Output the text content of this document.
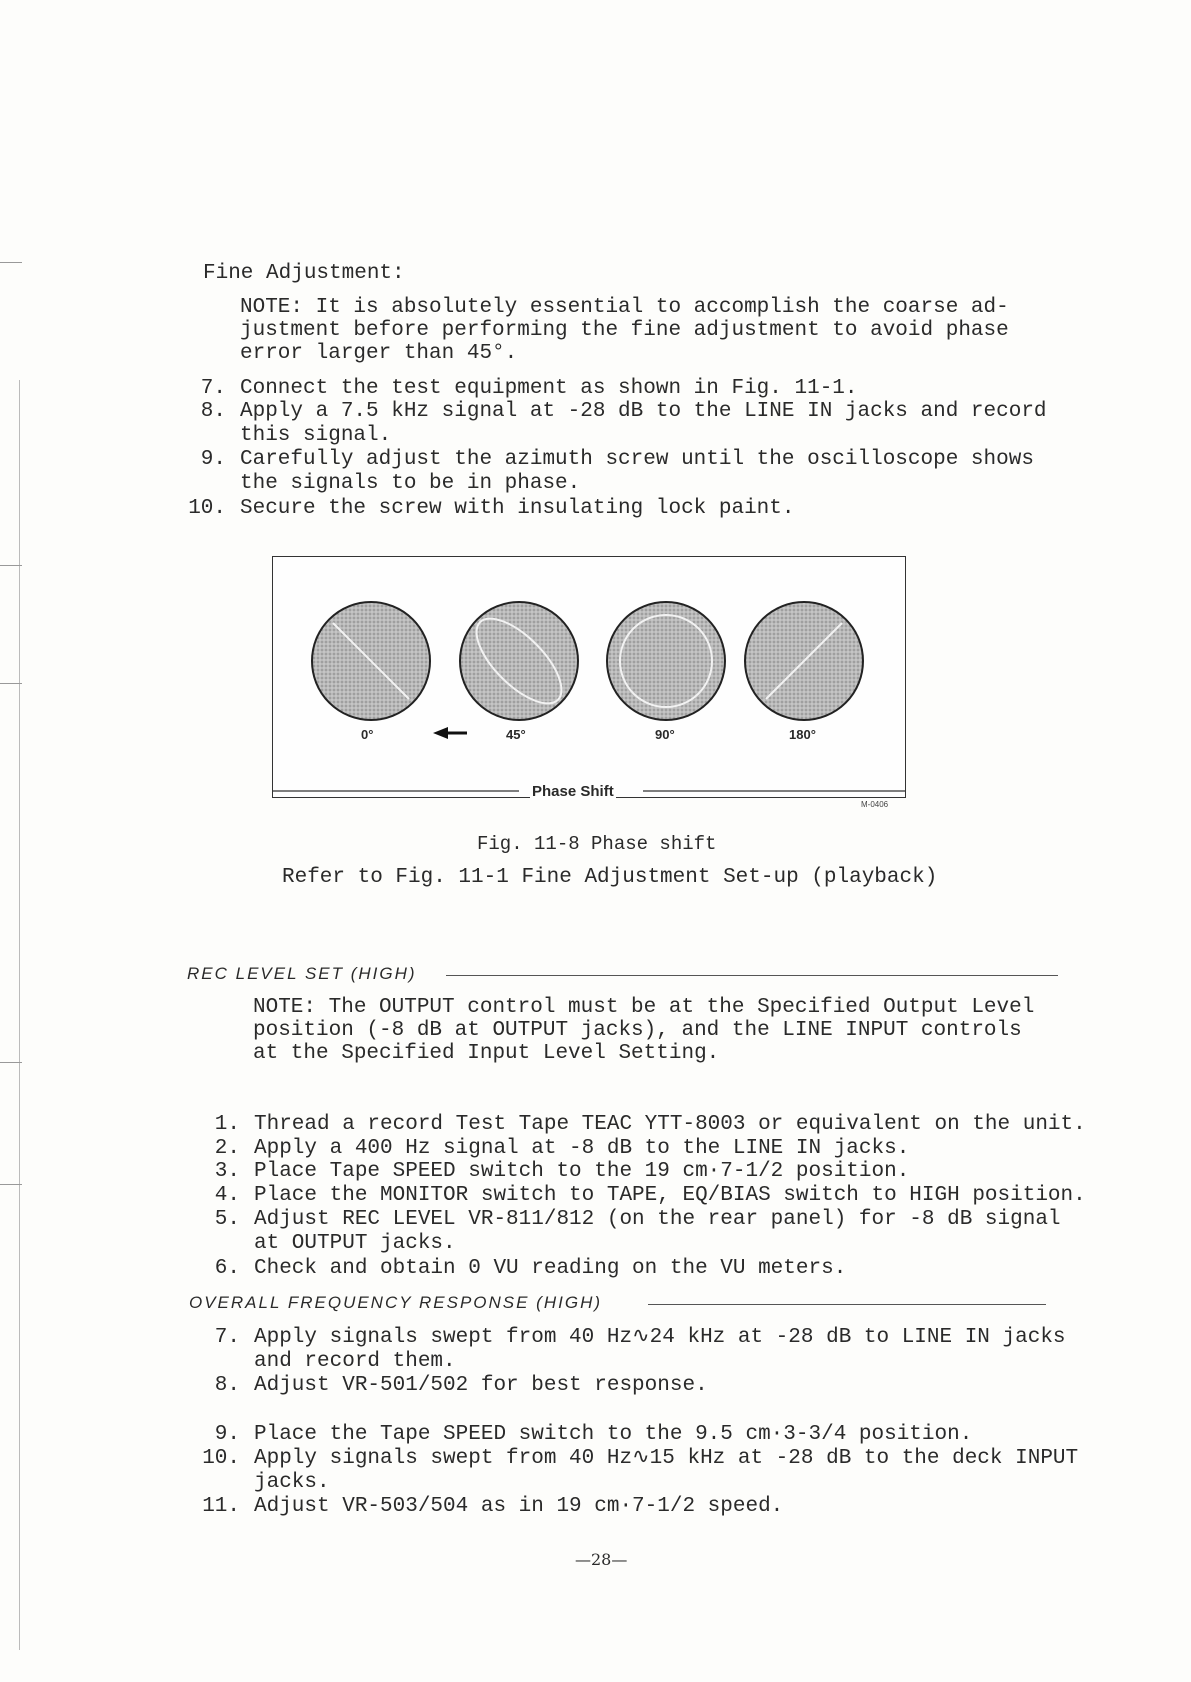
Fine Adjustment:
NOTE: It is absolutely essential to accomplish the coarse ad-
justment before performing the fine adjustment to avoid phase
error larger than 45°.
7. Connect the test equipment as shown in Fig. 11-1.
8. Apply a 7.5 kHz signal at -28 dB to the LINE IN jacks and record
this signal.
9. Carefully adjust the azimuth screw until the oscilloscope shows
the signals to be in phase.
10. Secure the screw with insulating lock paint.
0°	45°	90°	180°
Phase Shift
M-0406
Fig. 11-8 Phase shift
Refer to Fig. 11-1 Fine Adjustment Set-up (playback)
REC LEVEL SET (HIGH)
NOTE: The OUTPUT control must be at the Specified Output Level
position (-8 dB at OUTPUT jacks), and the LINE INPUT controls
at the Specified Input Level Setting.
1. Thread a record Test Tape TEAC YTT-8003 or equivalent on the unit.
2. Apply a 400 Hz signal at -8 dB to the LINE IN jacks.
3. Place Tape SPEED switch to the 19 cm·7-1/2 position.
4. Place the MONITOR switch to TAPE, EQ/BIAS switch to HIGH position.
5. Adjust REC LEVEL VR-811/812 (on the rear panel) for -8 dB signal
at OUTPUT jacks.
6. Check and obtain 0 VU reading on the VU meters.
OVERALL FREQUENCY RESPONSE (HIGH)
7. Apply signals swept from 40 Hz∿24 kHz at -28 dB to LINE IN jacks
and record them.
8. Adjust VR-501/502 for best response.
9. Place the Tape SPEED switch to the 9.5 cm·3-3/4 position.
10. Apply signals swept from 40 Hz∿15 kHz at -28 dB to the deck INPUT
jacks.
11. Adjust VR-503/504 as in 19 cm·7-1/2 speed.
—28—
